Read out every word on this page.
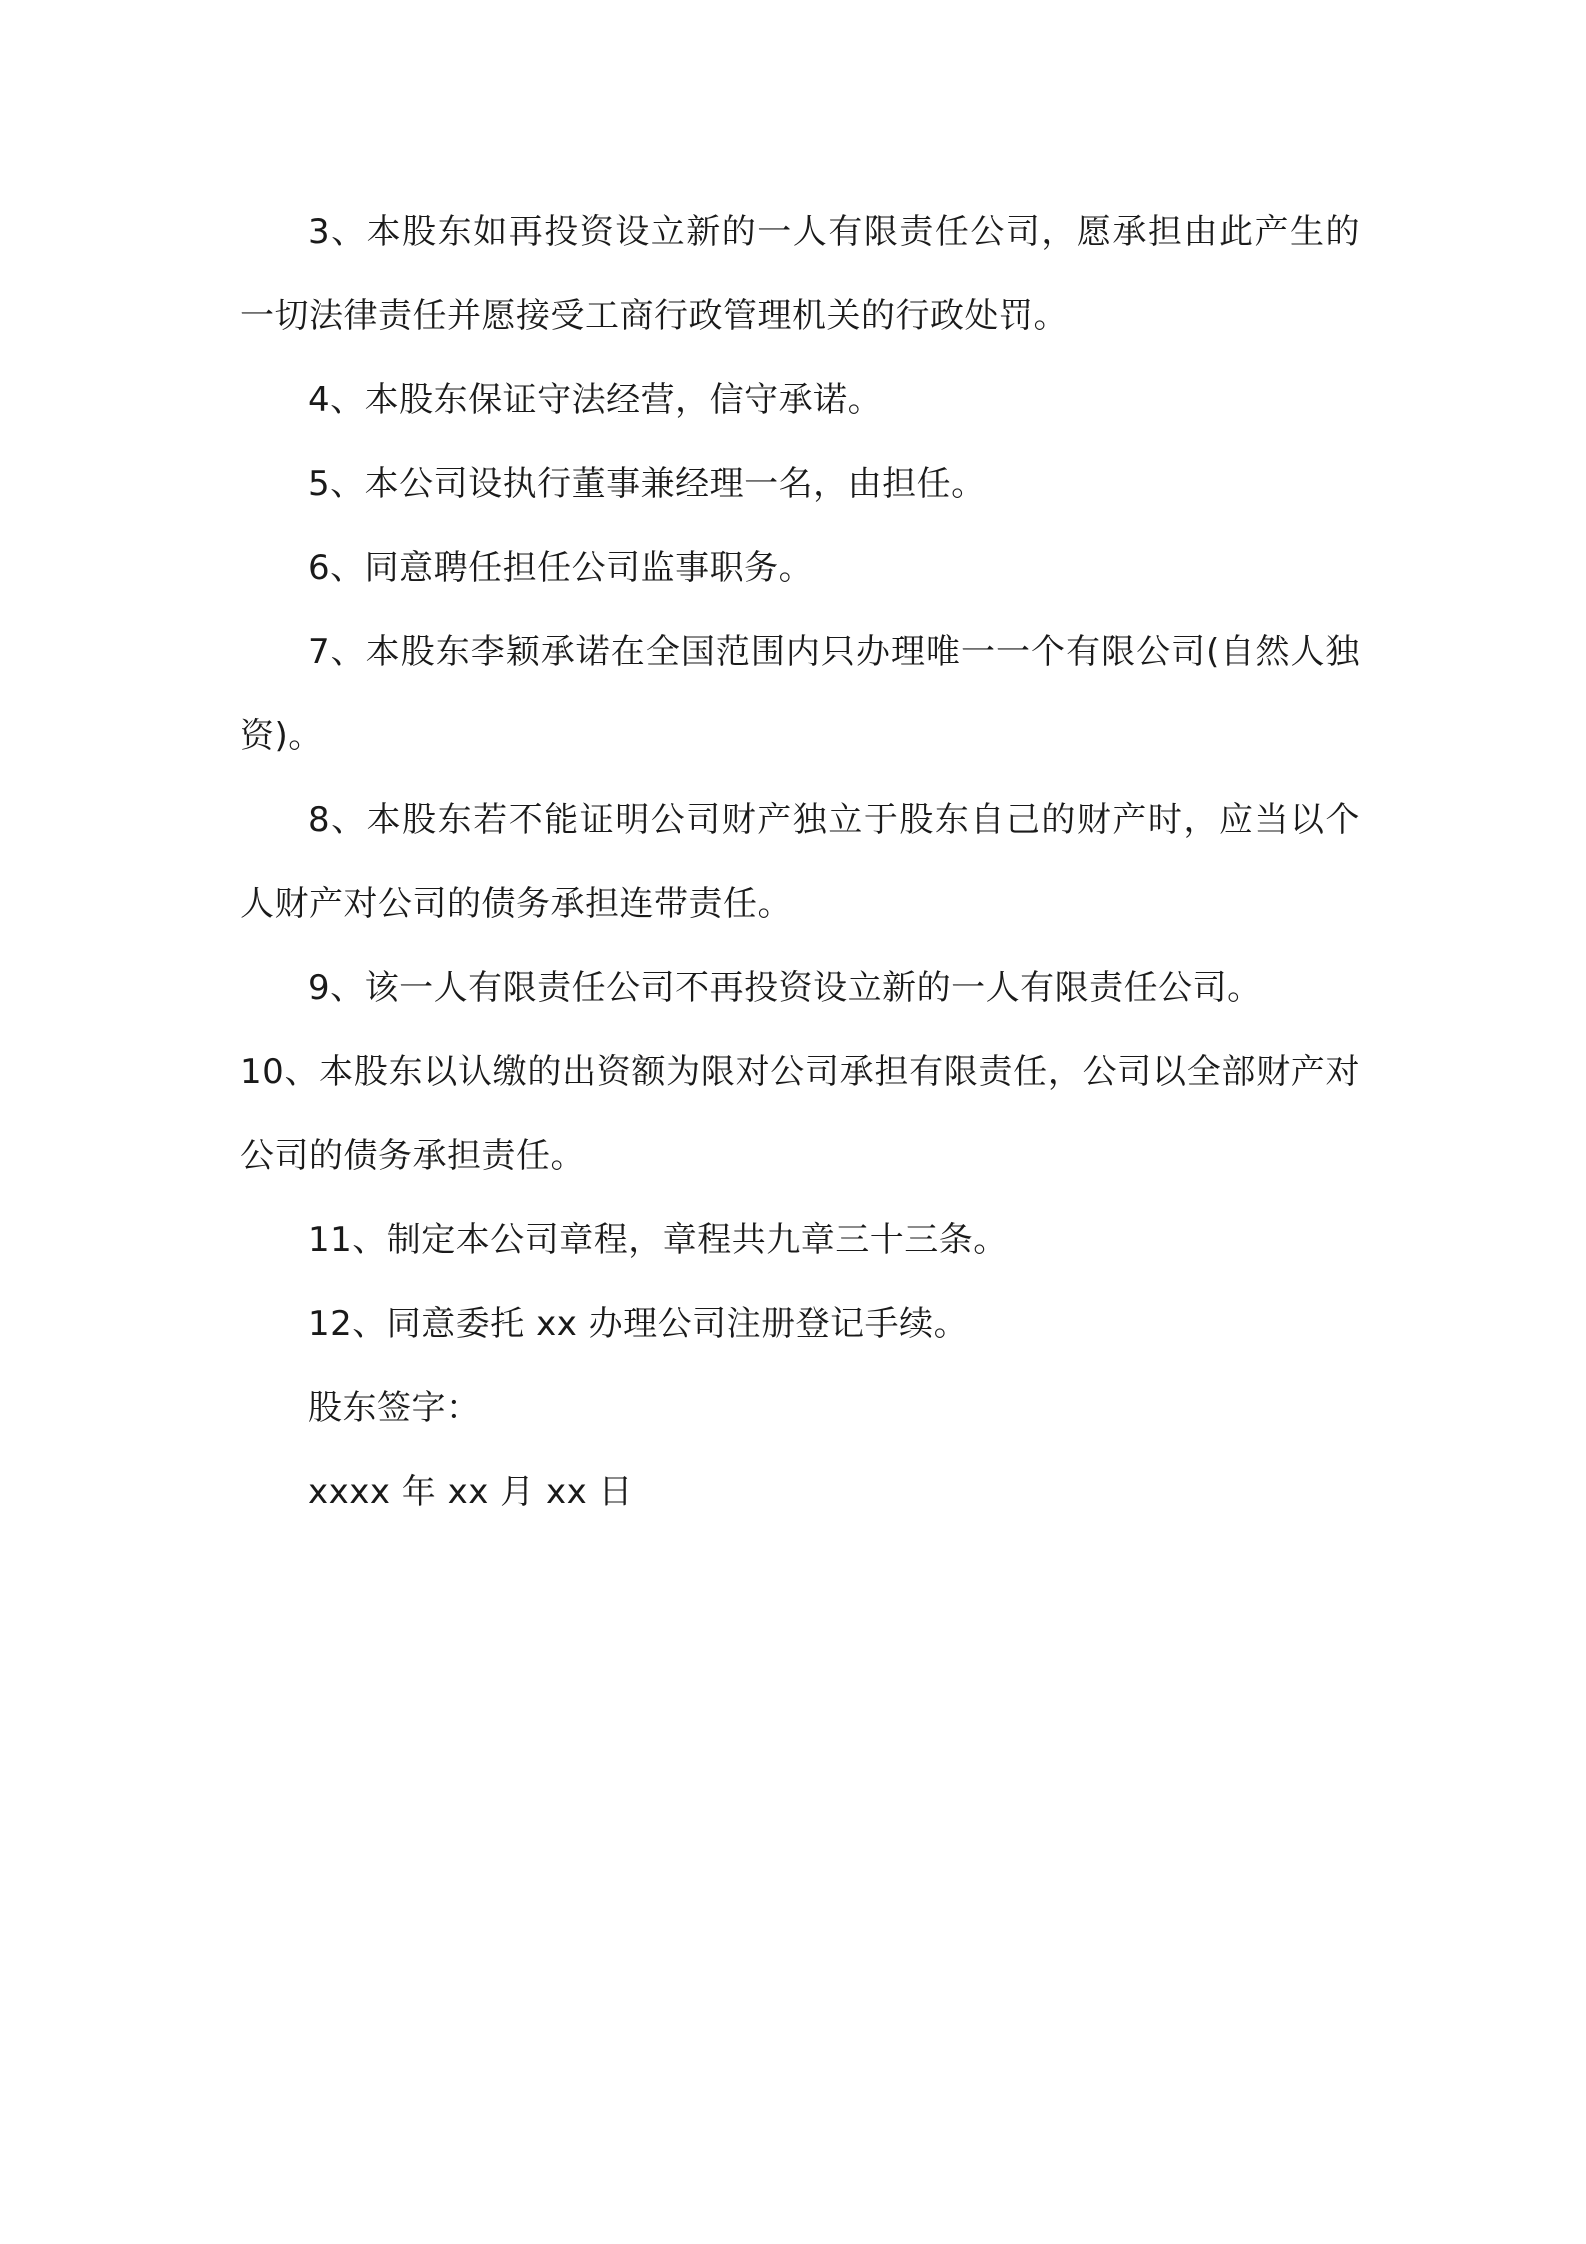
3、本股东如再投资设立新的一人有限责任公司，愿承担由此产生的一切法律责任并愿接受工商行政管理机关的行政处罚。

4、本股东保证守法经营，信守承诺。

5、本公司设执行董事兼经理一名，由担任。

6、同意聘任担任公司监事职务。

7、本股东李颖承诺在全国范围内只办理唯一一个有限公司(自然人独资)。

8、本股东若不能证明公司财产独立于股东自己的财产时，应当以个人财产对公司的债务承担连带责任。

9、该一人有限责任公司不再投资设立新的一人有限责任公司。

10、本股东以认缴的出资额为限对公司承担有限责任，公司以全部财产对公司的债务承担责任。

11、制定本公司章程，章程共九章三十三条。

12、同意委托 xx 办理公司注册登记手续。

股东签字：

xxxx 年 xx 月 xx 日
